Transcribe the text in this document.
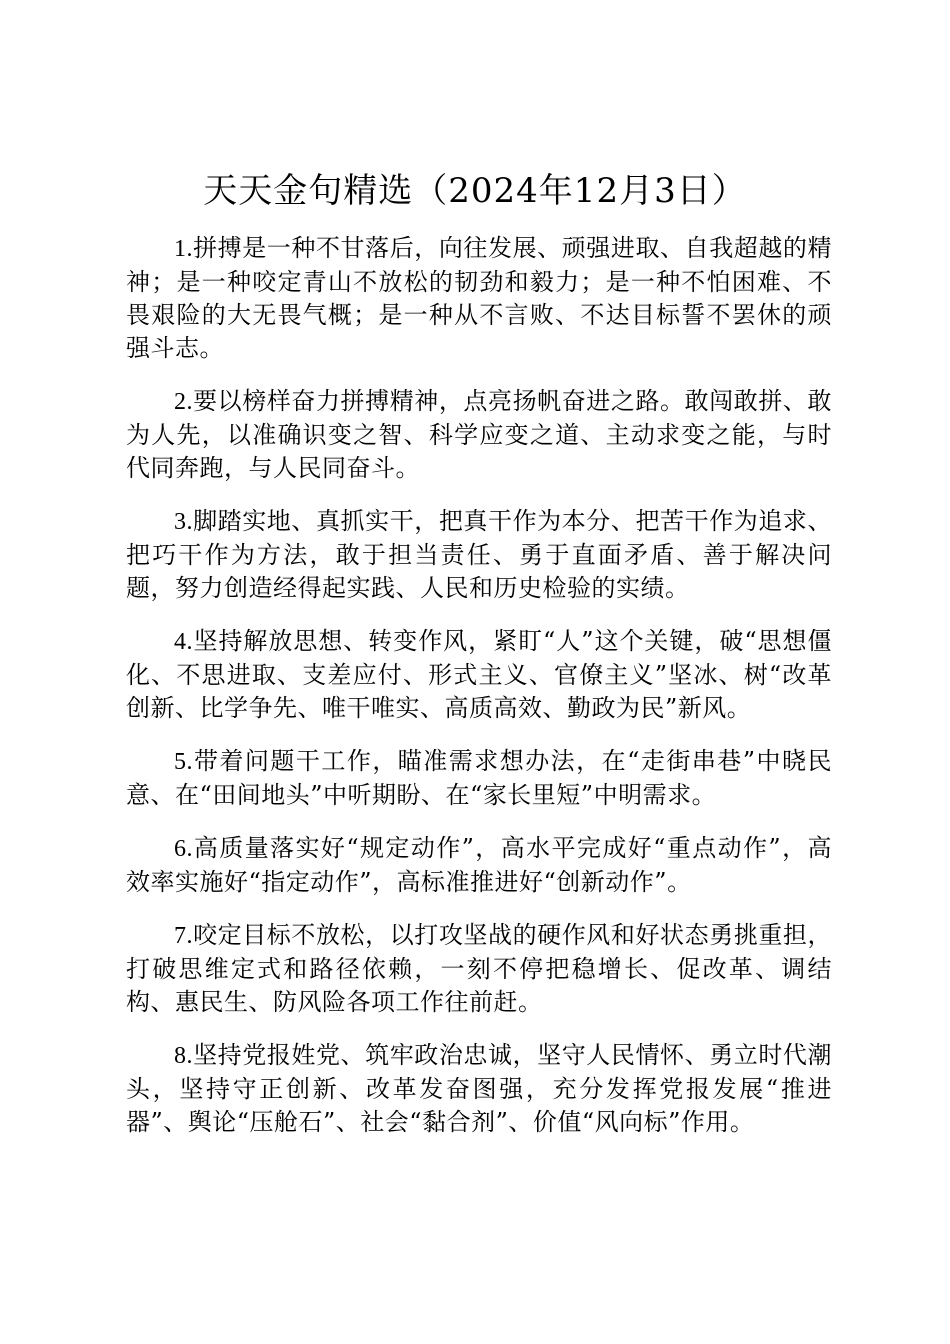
天天金句精选（2024年12月3日）

1.拼搏是一种不甘落后，向往发展、顽强进取、自我超越的精神；是一种咬定青山不放松的韧劲和毅力；是一种不怕困难、不畏艰险的大无畏气概；是一种从不言败、不达目标誓不罢休的顽强斗志。

2.要以榜样奋力拼搏精神，点亮扬帆奋进之路。敢闯敢拼、敢为人先，以准确识变之智、科学应变之道、主动求变之能，与时代同奔跑，与人民同奋斗。

3.脚踏实地、真抓实干，把真干作为本分、把苦干作为追求、把巧干作为方法，敢于担当责任、勇于直面矛盾、善于解决问题，努力创造经得起实践、人民和历史检验的实绩。

4.坚持解放思想、转变作风，紧盯“人”这个关键，破“思想僵化、不思进取、支差应付、形式主义、官僚主义”坚冰、树“改革创新、比学争先、唯干唯实、高质高效、勤政为民”新风。

5.带着问题干工作，瞄准需求想办法，在“走街串巷”中晓民意、在“田间地头”中听期盼、在“家长里短”中明需求。

6.高质量落实好“规定动作”，高水平完成好“重点动作”，高效率实施好“指定动作”，高标准推进好“创新动作”。

7.咬定目标不放松，以打攻坚战的硬作风和好状态勇挑重担，打破思维定式和路径依赖，一刻不停把稳增长、促改革、调结构、惠民生、防风险各项工作往前赶。

8.坚持党报姓党、筑牢政治忠诚，坚守人民情怀、勇立时代潮头，坚持守正创新、改革发奋图强，充分发挥党报发展“推进器”、舆论“压舱石”、社会“黏合剂”、价值“风向标”作用。
